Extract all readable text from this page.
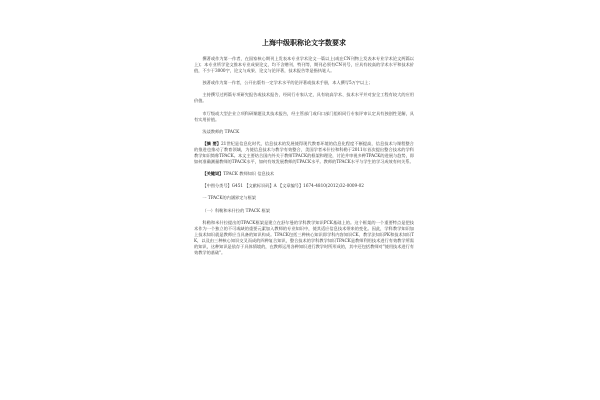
上海中级职称论文字数要求

撰著或作为第一作者，在国家核心期刊上发表本专业学术论文一篇以上(或在CN刊物上发表本专业学术论文两篇以上)；本专业所学论文推本专业成果论文，均不含赠刊、特刊等，期刊必须有CN刊号，应具有较高的学术水平和技术价值，不少于3000字，论文与成果、论文与论评著，技术报告等是指执笔人。

独著或作为第一作者，公开出版有一定学术水平的论评著或技术手册，本人撰写5万字以上；

主持撰写过两篇专项研究报告或技术报告，经同行专家认定，具有较高学术、技术水平并对安全工程有较大的应用价值。

市厅级或大型企业立项科研课题及其技术报告，经主管部门或归口部门组织同行专家评审认定具有独创性见解，具有实用价值。

浅谈教师的 TPACK

【摘 要】21世纪是信息化时代，信息技术的发展使得现代教育环境的信息化程度不断提高，信息技术与课程整合的推进也推动了教育领域，为使信息技术与教学有效整合，美国学者米什拉和科勒于2011年首次提出整合技术的学科教学知识简称TPACK。本文主要结合国内外关于教师TPACK的框架和理论，讨论并审视多种TPACK的进展与趋势，即如何准确测量教师的TPACK水平，如何有效发展教师的TPACK水平。教师的TPACK水平与学生的学习成效有何关系。

【关键词】TPACK 教师知识 信息技术

【中图分类号】G451 【文献标识码】A 【文章编号】1674-4810(2012)32-0009-02

一 TPACK的内涵界定与框架

（一）科勒和米什拉的 TPACK 框架

科勒和米什拉提出的TPACK框架是建立在舒尔曼的学科教学知识PCK基础上的。这个框架的一个重要特点是把技术作为一个独立的不可或缺的重要元素加入教师的专业知识中，使其适应信息技术带来的变化。因此，学科教学知识加上技术知识就是教师应当具备的知识构成。TPACK包括三种核心知识即学科内容知识CK、教学法知识PK和技术知识TK，以及由三种核心知识交叉而成的四种复合知识，整合技术的学科教学知识TPACK是教师利用技术进行有效教学所需的知识，这种知识是依存于具体情境的，在教师运用各种知识进行教学时所形成的，其中还包括教师对"使用技术进行有效教学的基础"。
